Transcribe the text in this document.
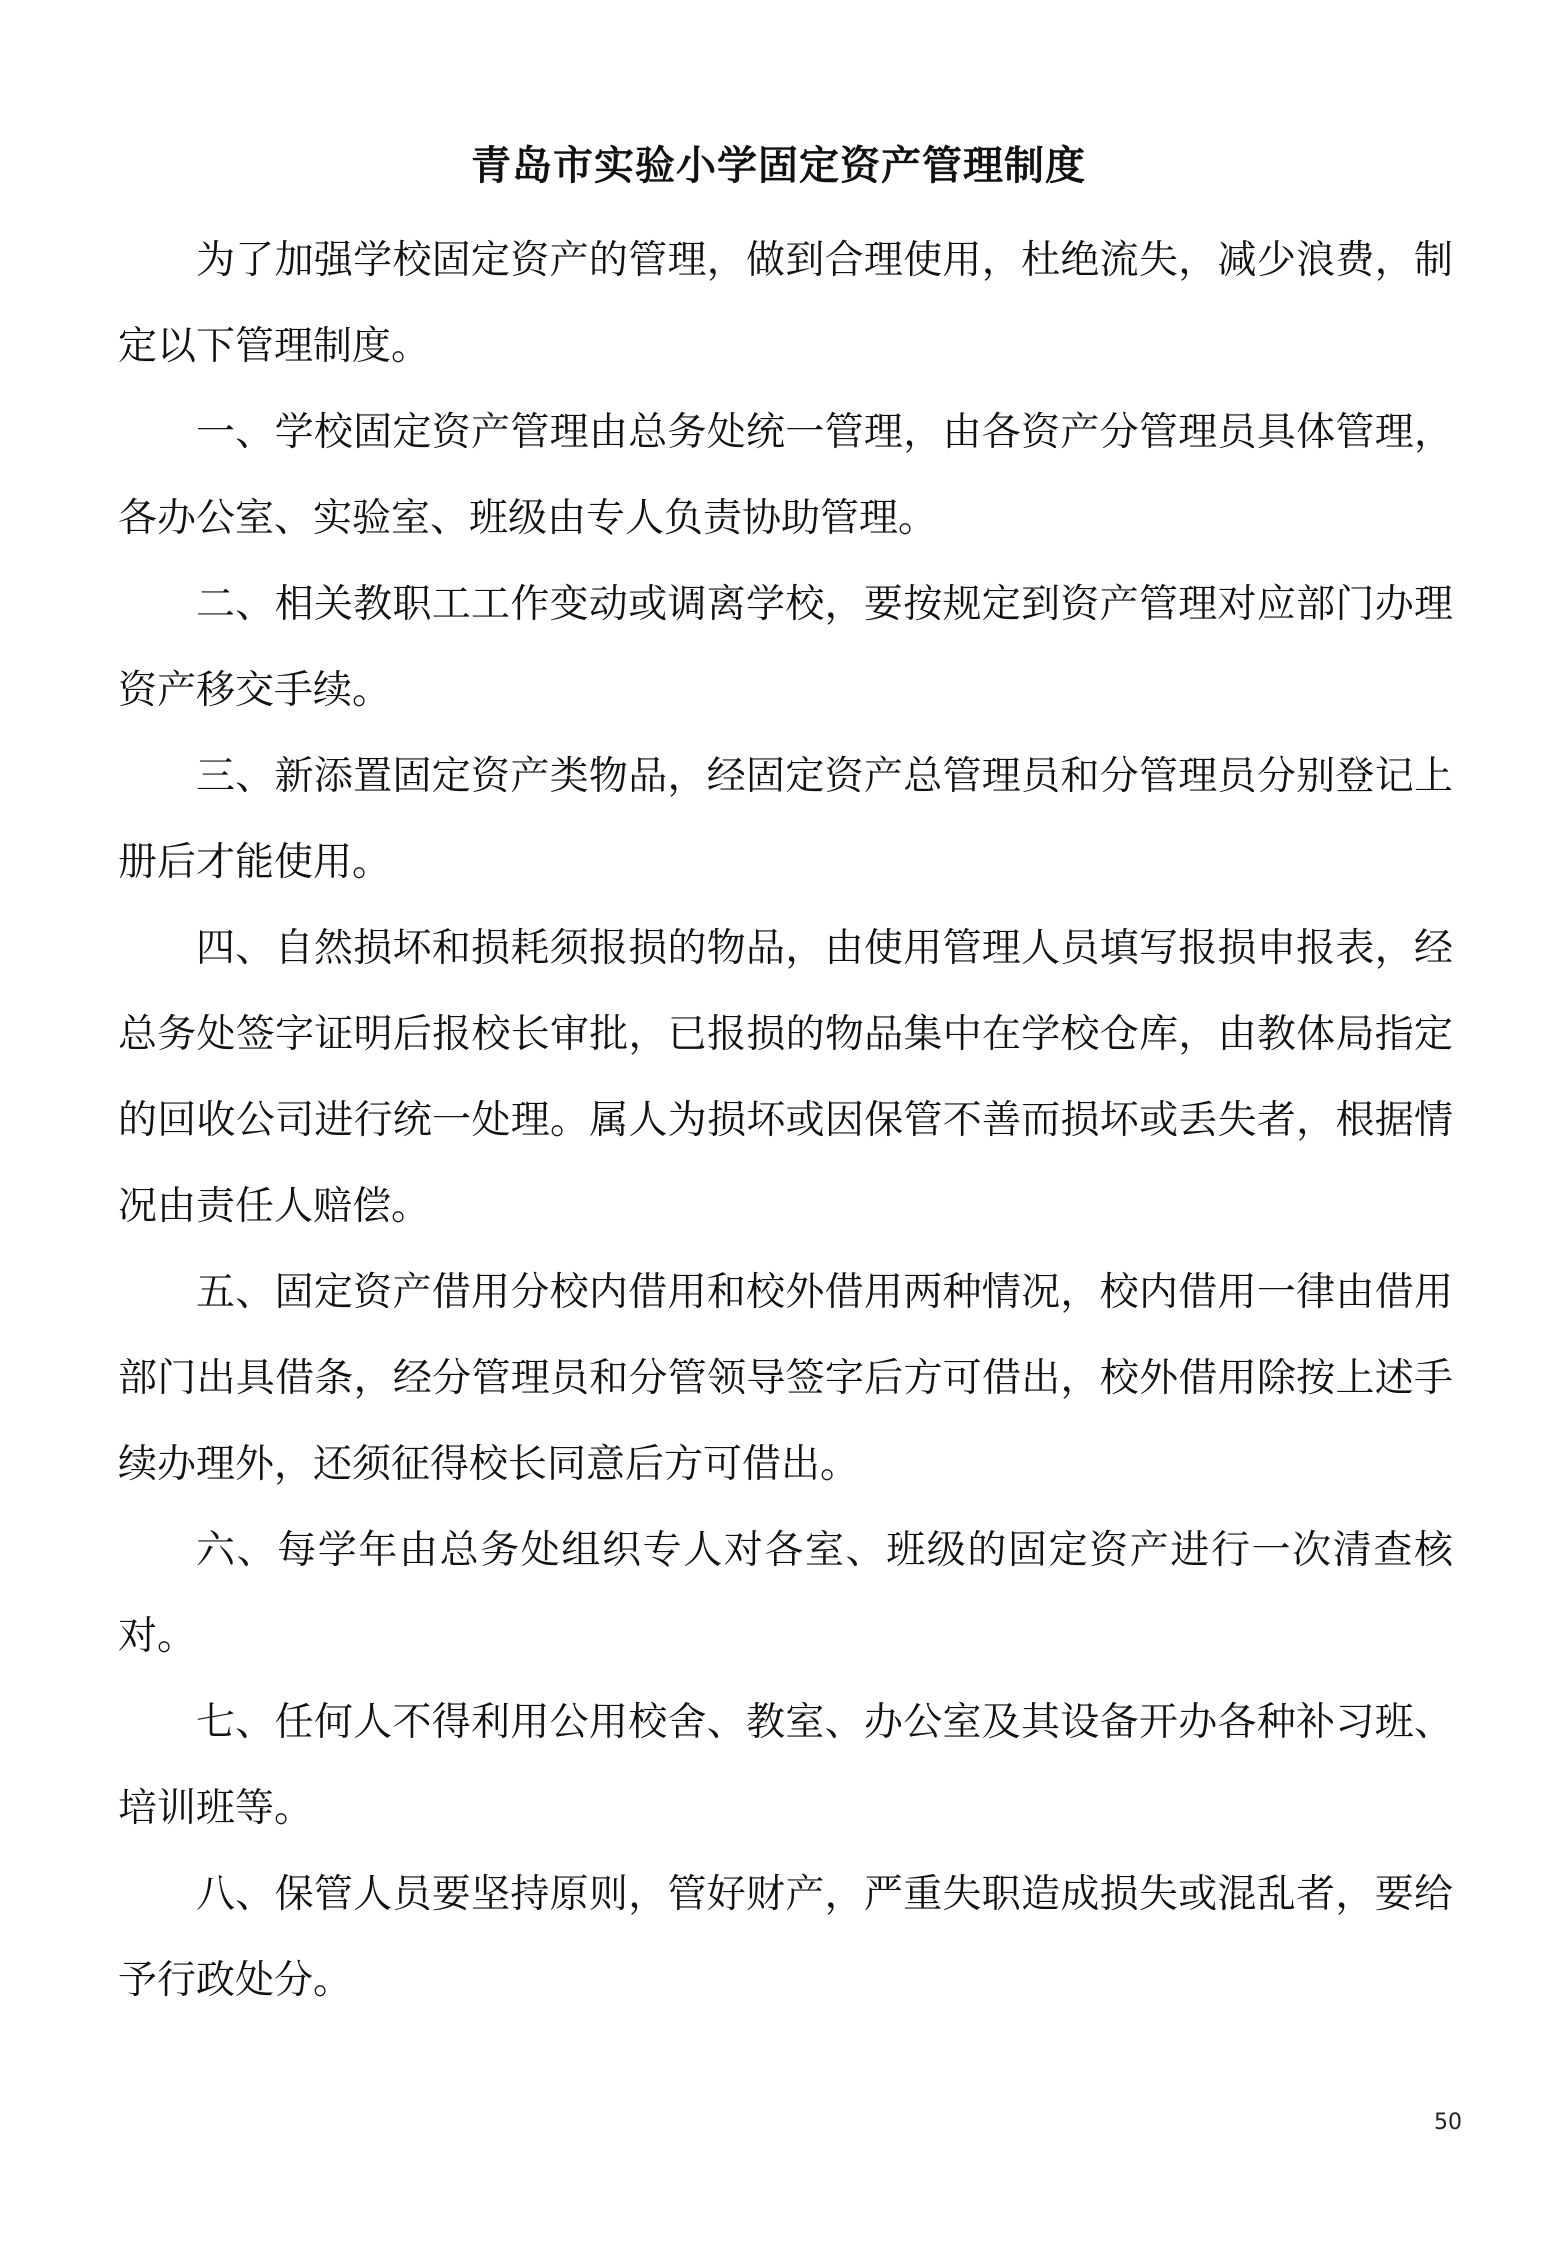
青岛市实验小学固定资产管理制度

为了加强学校固定资产的管理，做到合理使用，杜绝流失，减少浪费，制定以下管理制度。

一、学校固定资产管理由总务处统一管理，由各资产分管理员具体管理，各办公室、实验室、班级由专人负责协助管理。

二、相关教职工工作变动或调离学校，要按规定到资产管理对应部门办理资产移交手续。

三、新添置固定资产类物品，经固定资产总管理员和分管理员分别登记上册后才能使用。

四、自然损坏和损耗须报损的物品，由使用管理人员填写报损申报表，经总务处签字证明后报校长审批，已报损的物品集中在学校仓库，由教体局指定的回收公司进行统一处理。属人为损坏或因保管不善而损坏或丢失者，根据情况由责任人赔偿。

五、固定资产借用分校内借用和校外借用两种情况，校内借用一律由借用部门出具借条，经分管理员和分管领导签字后方可借出，校外借用除按上述手续办理外，还须征得校长同意后方可借出。

六、每学年由总务处组织专人对各室、班级的固定资产进行一次清查核对。

七、任何人不得利用公用校舍、教室、办公室及其设备开办各种补习班、培训班等。

八、保管人员要坚持原则，管好财产，严重失职造成损失或混乱者，要给予行政处分。

50
